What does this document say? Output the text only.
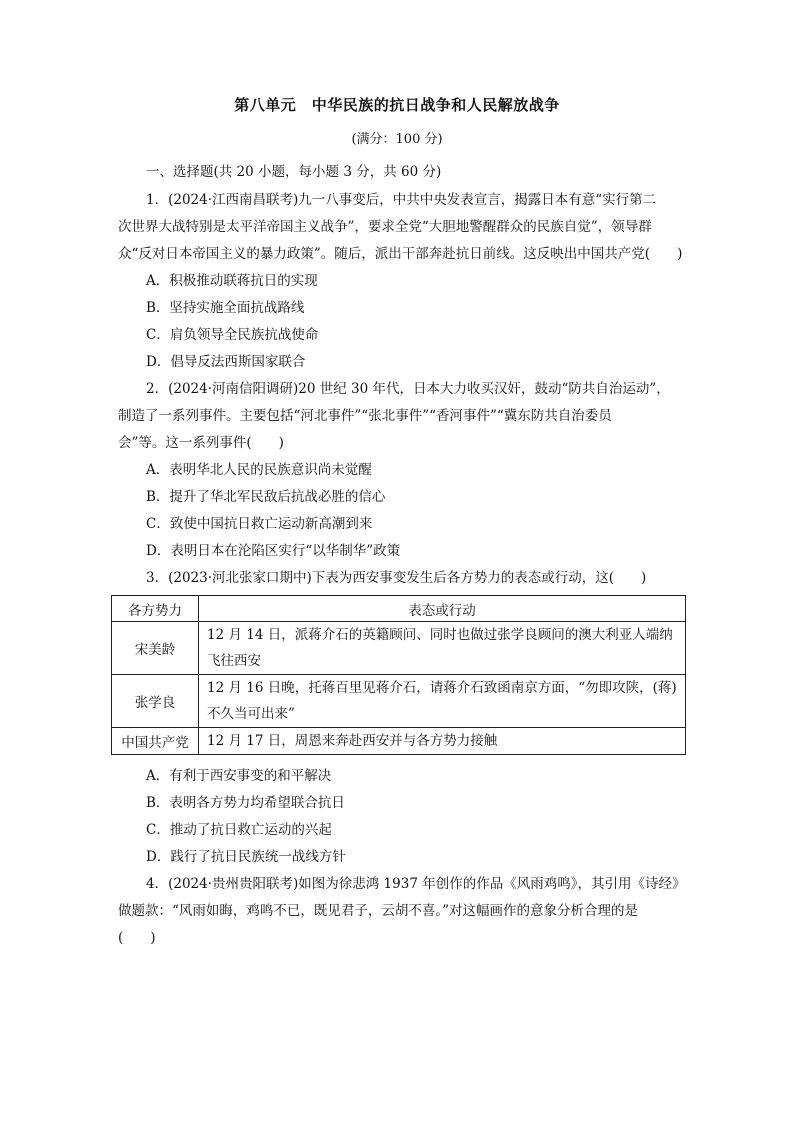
第八单元　中华民族的抗日战争和人民解放战争
(满分：100 分)
一、选择题(共 20 小题，每小题 3 分，共 60 分)
1．(2024·江西南昌联考)九一八事变后，中共中央发表宣言，揭露日本有意“实行第二
次世界大战特别是太平洋帝国主义战争”，要求全党“大胆地警醒群众的民族自觉”，领导群
众“反对日本帝国主义的暴力政策”。随后，派出干部奔赴抗日前线。这反映出中国共产党(　　)
A．积极推动联蒋抗日的实现
B．坚持实施全面抗战路线
C．肩负领导全民族抗战使命
D．倡导反法西斯国家联合
2．(2024·河南信阳调研)20 世纪 30 年代，日本大力收买汉奸，鼓动“防共自治运动”，
制造了一系列事件。主要包括“河北事件”“张北事件”“香河事件”“冀东防共自治委员
会”等。这一系列事件(　　)
A．表明华北人民的民族意识尚未觉醒
B．提升了华北军民敌后抗战必胜的信心
C．致使中国抗日救亡运动新高潮到来
D．表明日本在沦陷区实行“以华制华”政策
3．(2023·河北张家口期中)下表为西安事变发生后各方势力的表态或行动，这(　　)
各方势力	表态或行动
宋美龄	12 月 14 日，派蒋介石的英籍顾问、同时也做过张学良顾问的澳大利亚人端纳飞往西安
张学良	12 月 16 日晚，托蒋百里见蒋介石，请蒋介石致函南京方面，“勿即攻陕，(蒋)不久当可出来”
中国共产党	12 月 17 日，周恩来奔赴西安并与各方势力接触
A．有利于西安事变的和平解决
B．表明各方势力均希望联合抗日
C．推动了抗日救亡运动的兴起
D．践行了抗日民族统一战线方针
4．(2024·贵州贵阳联考)如图为徐悲鸿 1937 年创作的作品《风雨鸡鸣》，其引用《诗经》
做题款：“风雨如晦，鸡鸣不已，既见君子，云胡不喜。”对这幅画作的意象分析合理的是
(　　)
